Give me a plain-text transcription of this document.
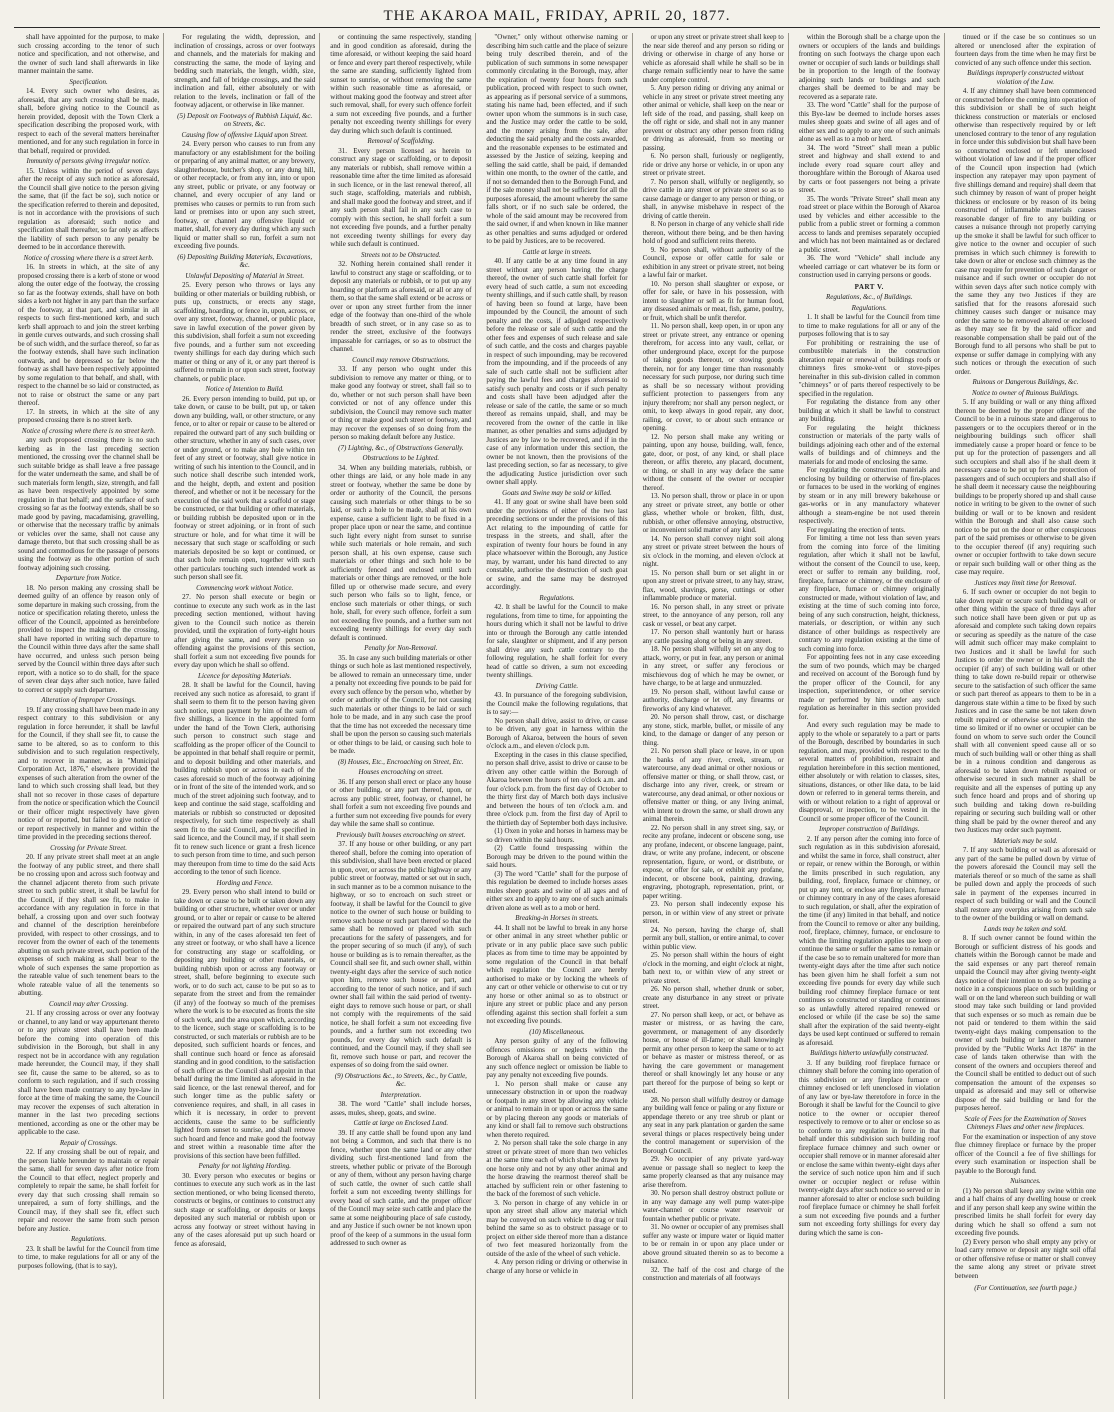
THE AKAROA MAIL, FRIDAY, APRIL 20, 1877.

shall have appointed for the purpose, to make such crossing according to the tenor of such notice and specification, and not otherwise, and the owner of such land shall afterwards in like manner maintain the same.

Specification.

14. Every such owner who desires, as aforesaid, that any such crossing shall be made, shall, before giving notice to the Council as herein provided, deposit with the Town Clerk a specification describing the proposed work, with respect to each of the several matters hereinafter mentioned, and for any such regulation in force in that behalf, required or provided.

Immunity of persons giving irregular notice.

15. Unless within the period of seven days after the receipt of any such notice as aforesaid, the Council shall give notice to the person giving the same, that (if the fact be so), such notice or the specification referred to therein and deposited, is not in accordance with the provisions of such regulation as aforesaid; such notice and specification shall thereafter, so far only as affects the liability of such person to any penalty be deemed to be in accordance therewith.

Notice of crossing where there is a street kerb.

16. In streets in which, at the site of any proposed crossing there is a kerb of stone or wood along the outer edge of the footway, the crossing so far as the footway extends, shall have on both sides a kerb not higher in any part than the surface of the footway, at that part, and similar in all respects to such first-mentioned kerb, and such kerb shall approach to and join the street kerbing in gentle curves outwards, and such crossing shall be of such width, and the surface thereof, so far as the footway extends, shall have such inclination outwards, and be depressed so far below the footway as shall have been respectively appointed by some regulation to that behalf, and shall, with respect to the channel be so laid or constructed, as not to raise or obstruct the same or any part thereof.

17. In streets, in which at the site of any proposed crossing there is no street kerb.

Notice of crossing where there is no street kerb.

any such proposed crossing there is no such kerbing as in the last preceding section mentioned, the crossing over the channel shall be such suitable bridge as shall leave a free passage for the water underneath the same, and shall be of such materials form length, size, strength, and fall as have been respectively appointed by some regulation in that behalf; and the surface of such crossing so far as the footway extends, shall be so made good by paving, macadamising, gravelling, or otherwise that the necessary traffic by animals or vehicles over the same, shall not cause any damage thereto, but that such crossing shall be as sound and commodious for the passage of persons using the footway as the other portion of such footway adjoining such crossing.

Departure from Notice.

18. No person making any crossing shall be deemed guilty of an offence by reason only of some departure in making such crossing, from the notice or specification relating thereto, unless the officer of the Council, appointed as hereinbefore provided to inspect the making of the crossing, shall have reported in writing such departure to the Council within three days after the same shall have occurred, and unless such person being served by the Council within three days after such report, with a notice so to do shall, for the space of seven clear days after such notice, have failed to correct or supply such departure.

Alteration of Improper Crossings.

19. If any crossing shall have been made in any respect contrary to this subdivision or any regulation in force hereunder, it shall be lawful for the Council, if they shall see fit, to cause the same to be altered, so as to conform to this subdivision and to such regulation respectively, and to recover in manner, as in "Municipal Corporation Act, 1876," elsewhere provided the expenses of such alteration from the owner of the land to which such crossing shall lead, but they shall not so recover in those cases of departure from the notice or specification which the Council or their officer might respectively have given notice of or reported, but failed to give notice of or report respectively in manner and within the time provided in the preceding sections thereof.

Crossing for Private Street.

20. If any private street shall meet at an angle the footway of any public street, and there shall be no crossing upon and across such footway and the channel adjacent thereto from such private street to such public street, it shall be lawful for the Council, if they shall see fit, to make in accordance with any regulation in force in that behalf, a crossing upon and over such footway and channel of the description hereinbefore provided, with respect to other crossings, and to recover from the owner of each of the tenements abutting on such private street, such portion of the expenses of such making as shall bear to the whole of such expenses the same proportion as the rateable value of such tenement bears to the whole rateable value of all the tenements so abutting.

Council may alter Crossing.

21. If any crossing across or over any footway or channel, to any land or way appurtenant thereto or to any private street shall have been made before the coming into operation of this subdivision in the Borough, but shall in any respect not be in accordance with any regulation made hereunder, the Council may, if they shall see fit, cause the same to be altered, so as to conform to such regulation, and if such crossing shall have been made contrary to any bye-law in force at the time of making the same, the Council may recover the expenses of such alteration in manner in the last two preceding sections mentioned, according as one or the other may be applicable to the case.

Repair of Crossings.

22. If any crossing shall be out of repair, and the person liable hereunder to maintain or repair the same, shall for seven days after notice from the Council to that effect, neglect properly and completely to repair the same, he shall forfeit for every day that such crossing shall remain so unrepaired, a sum of forty shillings, and the Council may, if they shall see fit, effect such repair and recover the same from such person before any Justice.

Regulations.

23. It shall be lawful for the Council from time to time, to make regulations for all or any of the purposes following, (that is to say),

For regulating the width, depression, and inclination of crossings, across or over footways and channels, and the materials for making and constructing the same, the mode of laying and bedding such materials, the length, width, size, strength, and fall of bridge crossings, and the said inclination and fall, either absolutely or with relation to the levels, inclination or fall of the footway adjacent, or otherwise in like manner.

(5) Deposit on Footways of Rubbish Liquid, &c. on Streets, &c.

Causing flow of offensive Liquid upon Street.

24. Every person who causes to run from any manufactory or any establishment for the boiling or preparing of any animal matter, or any brewery, slaughterhouse, butcher's shop, or any dung hill, or other receptacle, or from any inn, into or upon any street, public or private, or any footway or channel, and every occupier of any land or premises who causes or permits to run from such land or premises into or upon any such street, footway, or channel any offensive liquid or matter, shall, for every day during which any such liquid or matter shall so run, forfeit a sum not exceeding five pounds.

(6) Depositing Building Materials, Excavations, &c.

Unlawful Depositing of Material in Street.

25. Every person who throws or lays any building or other materials or building rubbish, or puts up, constructs, or erects any stage, scaffolding, hoarding, or fence in, upon, across, or over any street, footway, channel, or public place, save in lawful execution of the power given by this subdivision, shall forfeit a sum not exceeding five pounds, and a further sum not exceeding twenty shillings for each day during which such matter or thing or any of it, or any part thereof is suffered to remain in or upon such street, footway channels, or public place.

Notice of Intention to Build.

26. Every person intending to build, put up, or take down, or cause to be built, put up, or taken down any building, wall, or other structure, or any fence, or to alter or repair or cause to be altered or repaired the outward part of any such building or other structure, whether in any of such cases, over or under ground, or to make any hole within ten feet of any street or footway, shall give notice in writing of such his intention to the Council, and in such notice shall describe such intended work, and the height, depth, and extent and position thereof, and whether or not it be necessary for the execution of the said work that a scaffold or stage be constructed, or that building or other materials, or building rubbish be deposited upon or in the footway or street adjoining, or in front of such structure or hole, and for what time it will be necessary that such stage or scaffolding or such materials deposited be so kept or continued, or that such hole remain open, together with such other particulars touching such intended work as such person shall see fit.

Commencing work without Notice.

27. No person shall execute or begin or continue to execute any such work as in the last preceding section mentioned, without having given to the Council such notice as therein provided, until the expiration of forty-eight hours after giving the same, and every person so offending against the provisions of this section, shall forfeit a sum not exceeding five pounds for every day upon which he shall so offend.

Licence for depositing Materials.

28. It shall be lawful for the Council, having received any such notice as aforesaid, to grant if shall seem to them fit to the person having given such notice, upon payment by him of the sum of five shillings, a licence in the appointed form under the hand of the Town Clerk, authorising such person to construct such stage and scaffolding as the proper officer of the Council to be appointed in that behalf shall require or permit, and to deposit building and other materials, and building rubbish upon or across in each of the cases aforesaid so much of the footway adjoining or in front of the site of the intended work, and so much of the street adjoining such footway, and to keep and continue the said stage, scaffolding and materials or rubbish so constructed or deposited respectively, for such time respectively as shall seem fit to the said Council, and be specified in said licence, and the Council may, if it shall seem fit to renew such licence or grant a fresh licence to such person from time to time, and such person may thereupon from time to time do the said Acts according to the tenor of such licence.

Hording and Fence.

29. Every person who shall intend to build or take down or cause to be built or taken down any building or other structure, whether over or under ground, or to alter or repair or cause to be altered or repaired the outward part of any such structure within, in any of the cases aforesaid ten feet of any street or footway, or who shall have a licence for constructing any stage or scaffolding, or depositing any building or other materials, or building rubbish upon or across any footway or street, shall, before beginning to execute such work, or to do such act, cause to be put so as to separate from the street and from the remainder (if any) of the footway so much of the premises where the work is to be executed as fronts the site of such work, and the area upon which, according to the licence, such stage or scaffolding is to be constructed, or such materials or rubbish are to be deposited, such sufficient hoards or fences, and shall continue such hoard or fence as aforesaid standing and in good condition, to the satisfaction of such officer as the Council shall appoint in that behalf during the time limited as aforesaid in the said licence, or the last renewal thereof, and for such longer time as the public safety or convenience requires, and shall, in all cases in which it is necessary, in order to prevent accidents, cause the same to be sufficiently lighted from sunset to sunrise, and shall remove such hoard and fence and make good the footway and street within a reasonable time after the provisions of this section have been fulfilled.

Penalty for not lighting Hording.

30. Every person who executes or begins or continues to execute any such work as in the last section mentioned, or who being licensed thereto, constructs or begins, or continues to construct any such stage or scaffolding, or deposits or keeps deposited any such material or rubbish upon or across any footway or street without having in any of the cases aforesaid put up such hoard or fence as aforesaid,

or continuing the same respectively, standing and in good condition as aforesaid, during the time aforesaid, or without keeping the said hoard or fence and every part thereof respectively, while the same are standing, sufficiently lighted from sunset to sunrise, or without removing the same within such reasonable time as aforesaid, or without making good the footway and street after such removal, shall, for every such offence forfeit a sum not exceeding five pounds, and a further penalty not exceeding twenty shillings for every day during which such default is continued.

Removal of Scaffolding.

31. Every person licensed as herein to construct any stage or scaffolding, or to deposit any materials or rubbish, shall remove within a reasonable time after the time limited as aforesaid in such licence, or in the last renewal thereof, all such stage, scaffolding, materials and rubbish, and shall make good the footway and street, and if any such person shall fail in any such case to comply with this section, he shall forfeit a sum not exceeding five pounds, and a further penalty not exceeding twenty shillings for every day while such default is continued.

Streets not to be Obstructed.

32. Nothing herein contained shall render it lawful to construct any stage or scaffolding, or to deposit any materials or rubbish, or to put up any hoarding or platform as aforesaid, or all or any of them, so that the same shall extend or be across or over or upon any street further from the inner edge of the footway than one-third of the whole breadth of such street, or in any case so as to render the street, exclusive of the footways impassable for carriages, or so as to obstruct the channel.

Council may remove Obstructions.

33. If any person who ought under this subdivision to remove any matter or thing, or to make good any footway or street, shall fail so to do, whether or not such person shall have been convicted or not of any offence under this subdivision, the Council may remove such matter or thing or make good such street or footway, and may recover the expenses of so doing from the person so making default before any Justice.

(7) Lighting, &c., of Obstructions Generally.

Obstructions to be Lighted.

34. When any building materials, rubbish, or other things are laid, or any hole made in any street or footway, whether the same be done by order or authority of the Council, the persons causing such materials or other things to be so laid, or such a hole to be made, shall at his own expense, cause a sufficient light to be fixed in a proper place upon or near the same, and continue such light every night from sunset to sunrise while such materials or hole remain, and such person shall, at his own expense, cause such materials or other things and such hole to be sufficiently fenced and enclosed until such materials or other things are removed, or the hole filled up or otherwise made secure, and every such person who fails so to light, fence, or enclose such materials or other things, or such hole, shall, for every such offence, forfeit a sum not exceeding five pounds, and a further sum not exceeding twenty shillings for every day such default is continued.

Penalty for Non-Removal.

35. In case any such building materials or other things or such hole as last mentioned respectively, be allowed to remain an unnecessary time, under a penalty not exceeding five pounds to be paid for every such offence by the person who, whether by order or authority of the Council, for not causing such materials or other things to be laid or such hole to be made, and in any such case the proof that the time has not exceeded the necessary time shall be upon the person so causing such materials or other things to be laid, or causing such hole to be made.

(8) Houses, Etc., Encroaching on Street, Etc.

Houses encroaching on street.

36. If any person shall erect or place any house or other building, or any part thereof, upon, or across any public street, footway, or channel, he shall forfeit a sum not exceeding five pounds and a further sum not exceeding five pounds for every day while the same shall so continue.

Previously built houses encroaching on street.

37. If any house or other building, or any part thereof shall, before the coming into operation of this subdivision, shall have been erected or placed in upon, over, or across the public highway or any public street or footway, matted or set out in such, in such manner as to be a common nuisance to the highway, or so to encroach on such street or footway, it shall be lawful for the Council to give notice to the owner of such house or building to remove such house or such part thereof so that the same shall be removed or placed with such precautions for the safety of passengers, and for the proper securing of so much (if any), of such house or building as is to remain thereafter, as the Council shall see fit, and such owner shall, within twenty-eight days after the service of such notice upon him, remove such house or part, and according to the tenor of such notice, and if such owner shall fail within the said period of twenty-eight days to remove such house or part, or shall not comply with the requirements of the said notice, he shall forfeit a sum not exceeding five pounds, and a further sum not exceeding two pounds, for every day which such default is continued, and the Council may, if they shall see fit, remove such house or part, and recover the expenses of so doing from the said owner.

(9) Obstructions &c., to Streets, &c., by Cattle, &c.

Interpretation.

38. The word "Cattle" shall include horses, asses, mules, sheep, goats, and swine.

Cattle at large on Enclosed Land.

39. If any cattle shall be found upon any land not being a Common, and such that there is no fence, whether upon the same land or any other dividing such first-mentioned land from the streets, whether public or private of the Borough or any of them, without any person having charge of such cattle, the owner of such cattle shall forfeit a sum not exceeding twenty shillings for every head of such cattle, and the proper officer of the Council may seize such cattle and place the same at some neighbouring place of safe custody, and any Justice if such owner be not known upon proof of the keep of a summons in the usual form addressed to such owner as

"Owner," only without otherwise naming or describing him such cattle and the place of seizure being truly described therein, and of the publication of such summons in some newspaper commonly circulating in the Borough, may, after the expiration of twenty four hours from such publication, proceed with respect to such owner, as appearing as if personal service of a summons, stating his name had, been effected, and if such owner upon whom the summons is in such case, and the Justice may order the cattle to be sold, and the money arising from the sale, after deducting the said penalty and the costs awarded, and the reasonable expenses to be estimated and assessed by the Justice of seizing, keeping and selling the said cattle, shall be paid, if demanded within one month, to the owner of the cattle, and if not so demanded then to the Borough Fund, and if the sale money shall not be sufficient for all the purposes aforesaid, the amount whereby the same falls short, or if no such sale be ordered, the whole of the said amount may be recovered from the said owner, if and when known in like manner as other penalties and sums adjudged or ordered to be paid by Justices, are to be recovered.

Cattle at large in streets.

40. If any cattle be at any time found in any street without any person having the charge thereof, the owner of such cattle shall forfeit for every head of such cattle, a sum not exceeding twenty shillings, and if such cattle shall, by reason of having been so found at large, have been impounded by the Council, the amount of such penalty and the costs, if adjudged respectively before the release or sale of such cattle and the other fees and expenses of such release and sale of such cattle, and the costs and charges payable in respect of such impounding, may be recovered from the impounding, and if the proceeds of any sale of such cattle shall not be sufficient after paying the lawful fees and charges aforesaid to satisfy such penalty and costs or if such penalty and costs shall have been adjudged after the release or sale of the cattle, the same or so much thereof as remains unpaid, shall, and may be recovered from the owner of the cattle in like manner, as other penalties and sums adjudged by Justices are by law to be recovered, and if in the case of any information under this section, the owner be not known, then the provisions of the last preceding section, so far as necessary, to give the adjudicating Justice jurisdiction over such owner shall apply.

Goats and Swine may be sold or killed.

41. If any goat or swine shall have been sold under the provisions of either of the two last preceding sections or under the provisions of this Act relating to the impounding of cattle for trespass in the streets, and shall, after the expiration of twenty four hours be found in any place whatsoever within the Borough, any Justice may, by warrant, under his hand directed to any constable, authorise the destruction of such goat or swine, and the same may be destroyed accordingly.

Regulations.

42. It shall be lawful for the Council to make regulations, from time to time, for appointing the hours during which it shall not be lawful to drive into or through the Borough any cattle intended for sale, slaughter or shipment, and if any person shall drive any such cattle contrary to the following regulation, he shall forfeit for every head of cattle so driven, a sum not exceeding twenty shillings.

Driving Cattle.

43. In pursuance of the foregoing subdivision, the Council make the following regulations, that is to say:—

No person shall drive, assist to drive, or cause to be driven, any goat in harness within the Borough of Akaroa, between the hours of seven o'clock a.m., and eleven o'clock p.m.

Excepting in the cases in this clause specified, no person shall drive, assist to drive or cause to be driven any other cattle within the Borough of Akaroa between the hours of ten o'clock a.m. and four o'clock p.m. from the first day of October to the thirty first day of March both days inclusive and between the hours of ten o'clock a.m. and three o'clock p.m. from the first day of April to the thirtieth day of September both days inclusive.

(1) Oxen in yoke and horses in harness may be so driven within the said hours.

(2) Cattle found trespassing within the Borough may be driven to the pound within the said hours.

(3) The word "Cattle" shall for the purpose of this regulation be deemed to include horses asses mules sheep goats and swine of all ages and of either sex and to apply to any one of such animals driven alone as well as to a mob or herd.

Breaking-in Horses in streets.

44. It shall not be lawful to break in any horse or other animal in any street whether public or private or in any public place save such public places as from time to time may be appointed by some regulation of the Council in that behalf which regulation the Council are hereby authorised to make or by locking the wheels of any cart or other vehicle or otherwise to cut or try any horse or other animal so as to obstruct or injure any street or public place and any person offending against this section shall forfeit a sum not exceeding five pounds.

(10) Miscellaneous.

Any person guilty of any of the following offences omissions or neglects within the Borough of Akaroa shall on being convicted of any such offence neglect or omission be liable to pay any penalty not exceeding five pounds.

1. No person shall make or cause any unnecessary obstruction in or upon the roadway or footpath in any street by allowing any vehicle or animal to remain in or upon or across the same or by placing thereon any goods or materials of any kind or shall fail to remove such obstructions when thereto required.

2. No person shall take the sole charge in any street or private street of more than two vehicles at the same time each of which shall be drawn by one horse only and not by any other animal and the horse drawing the rearmost thereof shall be attached by sufficient rein or other fastening to the back of the foremost of such vehicle.

3. No person in charge of any vehicle in or upon any street shall allow any material which may be conveyed on such vehicle to drag or trail behind the same so as to obstruct passage or to project on either side thereof more than a distance of two feet measured horizontally from the outside of the axle of the wheel of such vehicle.

4. Any person riding or driving or otherwise in charge of any horse or vehicle in

or upon any street or private street shall keep to the near side thereof and any person so riding or driving or otherwise in charge of any horse or vehicle as aforesaid shall while he shall so be in charge remain sufficiently near to have the same under complete control.

5. Any person riding or driving any animal or vehicle in any street or private street meeting any other animal or vehicle, shall keep on the near or left side of the road, and passing, shall keep on the off right or side, and shall not in any manner prevent or obstruct any other person from riding or driving as aforesaid, from so meeting or passing.

6. No person shall, furiously or negligently, ride or drive any horse or vehicle, in or upon any street or private street.

7. No person shall, wilfully or negligently, so drive cattle in any street or private street so as to cause damage or danger to any person or thing, or shall, in anywise misbehave in respect of the driving of cattle therein.

8. No person in charge of any vehicle shall ride thereon, without there being, and be then having hold of good and sufficient reins thereto.

9. No person shall, without authority of the Council, expose or offer cattle for sale or exhibition in any street or private street, not being a lawful fair or market.

10. No person shall slaughter or expose, or offer for sale, or have in his possession, with intent to slaughter or sell as fit for human food, any diseased animals or meat, fish, game, poultry, or fruit, which shall be unfit therefor.

11. No person shall, keep open, in or upon any street or private street, any entrance or opening therefrom, for access into any vault, cellar, or other underground place, except for the purpose of taking goods thereout, or stowing goods therein, nor for any longer time than reasonably necessary for such purpose, nor during such time as shall be so necessary without providing sufficient protection to passengers from any injury therefrom; nor shall any person neglect, or omit, to keep always in good repair, any door, railing, or cover, to or about such entrance or opening.

12. No person shall make any writing or painting, upon any house, building, wall, fence, gate, door, or post, of any kind, or shall place thereon, or affix thereto, any placard, document, or thing, or shall in any way deface the same without the consent of the owner or occupier thereof.

13. No person shall, throw or place in or upon any street or private street, any bottle or other glass, whether whole or broken, filth, dust, rubbish, or other offensive annoying, obstructive, or inconvenient solid matter of any kind.

14. No person shall convey night soil along any street or private street between the hours of six o'clock in the morning, and eleven o'clock at night.

15. No person shall burn or set alight in or upon any street or private street, to any hay, straw, flax, wood, shavings, gorse, cuttings or other inflammable produce or material.

16. No person shall, in any street or private street, to the annoyance of any person, roll any cask or vessel, or beat any carpet.

17. No person shall wantonly hurt or harass any cattle passing along or being in any street.

18. No person shall wilfully set on any dog to attack, worry, or put in fear, any person or animal in any street, or suffer any ferocious or mischievous dog of which he may be owner, or have charge, to be at large and unmuzzled.

19. No person shall, without lawful cause or authority, discharge or let off, any firearms or fireworks of any kind whatever.

20. No person shall throw, cast, or discharge any stone, stick, marble, bullet, or missile of any kind, to the damage or danger of any person or thing.

21. No person shall place or leave, in or upon the banks of any river, creek, stream, or watercourse, any dead animal or other noxious or offensive matter or thing, or shall throw, cast, or discharge into any river, creek, or stream or watercourse, any dead animal, or other noxious or offensive matter or thing, or any living animal, with intent to drown the same, or shall drown any animal therein.

22. No person shall in any street sing, say, or recite any profane, indecent or obscene song, use any profane, indecent, or obscene language, paint, draw, or write any profane, indecent, or obscene representation, figure, or word, or distribute, or expose, or offer for sale, or exhibit any profane, indecent, or obscene book, painting, drawing, engraving, photograph, representation, print, or paper writing.

23. No person shall indecently expose his person, in or within view of any street or private street.

24. No person, having the charge of, shall permit any bull, stallion, or entire animal, to cover within public view.

25. No person shall within the hours of eight o'clock in the morning, and eight o'clock at night, bath next to, or within view of any street or private street.

26. No person shall, whether drunk or sober, create any disturbance in any street or private street.

27. No person shall keep, or act, or behave as master or mistress, or as having the care, government, or management of any disorderly house, or house of ill-fame; or shall knowingly permit any other person to keep the same or to act or behave as master or mistress thereof, or as having the care government or management thereof or shall knowingly let any house or any part thereof for the purpose of being so kept or used.

28. No person shall wilfully destroy or damage any building wall fence or paling or any fixture or appendage thereto or any tree shrub or plant or any seat in any park plantation or garden the same several things or places respectively being under the control management or supervision of the Borough Council.

29. No occupier of any private yard-way avenue or passage shall so neglect to keep the same properly cleansed as that any nuisance may arise therefrom.

30. No person shall destroy obstruct pollute or in any way damage any well pump water-pipe water-channel or course water reservoir or fountain whether public or private.

31. No owner or occupier of any premises shall suffer any waste or impure water or liquid matter to be or remain in or upon any place under or above ground situated therein so as to become a nuisance.

32. The half of the cost and charge of the construction and materials of all footways

within the Borough shall be a charge upon the owners or occupiers of the lands and buildings fronting on such footways the charge upon each owner or occupier of such lands or buildings shall be in proportion to the length of the footway adjoining such lands or buildings and such charges shall be deemed to be and may be recovered as a separate rate.

33. The word "Cattle" shall for the purpose of this Bye-law be deemed to include horses asses mules sheep goats and swine of all ages and of either sex and to apply to any one of such animals alone as well as to a mob or herd.

34. The word "Street" shall mean a public street and highway and shall extend to and include every road square court alley and thoroughfare within the Borough of Akaroa used by carts or foot passengers not being a private street.

35. The words "Private Street" shall mean any road street or place within the Borough of Akaroa used by vehicles and either accessible to the public from a public street or forming a common access to lands and premises separately occupied and which has not been maintained as or declared a public street.

36. The word "Vehicle" shall include any wheeled carriage or cart whatever be its form or construction used in carrying persons or goods.

PART V.

Regulations, &c., of Buildings.

Regulations.

1. It shall be lawful for the Council from time to time to make regulations for all or any of the purposes following that is to say

For prohibiting or restraining the use of combustible materials in the construction alteration repair or renewal of buildings roofs or chimneys fires smoke-vent or stove-pipes hereinafter in this sub-division called in common "chimneys" or of parts thereof respectively to be specified in the regulation.

For regulating the distance from any other building at which it shall be lawful to construct any building.

For regulating the height thickness construction or materials of the party walls of buildings adjoining each other and of the external walls of buildings and of chimneys and the materials for and mode of enclosing the same.

For regulating the construction materials and enclosing by building or otherwise of fire-places or furnaces to be used in the working of engines by steam or in any mill brewery bakehouse or gas-works or in any manufactory whatever although a steam-engine be not used therein respectively.

For regulating the erection of tents.

For limiting a time not less than seven years from the coming into force of the limiting regulation, after which it shall not be lawful, without the consent of the Council to use, keep, erect or suffer to remain any building, roof, fireplace, furnace or chimney, or the enclosure of any fireplace, furnace or chimney originally constructed or made, without violation of law, and existing at the time of such coming into force, being of any such construction, height, thickness, materials, or description, or within any such distance of other buildings as respectively are contrary to any regulation existing at the time of such coming into force.

For appointing fees not in any case exceeding the sum of two pounds, which may be charged and received on account of the Borough fund by the proper officer of the Council, for any inspection, superintendence, or other service made or performed by him under any such regulation as hereinafter in this section provided for.

And every such regulation may be made to apply to the whole or separately to a part or parts of the Borough, described by boundaries in such regulation, and may, provided with respect to the several matters of prohibition, restraint and regulation hereinbefore in this section mentioned, either absolutely or with relation to classes, sites, situations, distances, or other like data, to be laid down or referred to in general terms therein, and with or without relation to a right of approval or disapproval, or inspection, to be vested in the Council or some proper officer of the Council.

Improper construction of Buildings.

2. If any person after the coming into force of such regulation as in this subdivision aforesaid, and whilst the same in force, shall construct, alter or repair, or renew within the Borough, or within the limits prescribed in such regulation, any building, roof, fireplace, furnace or chimney, or put up any tent, or enclose any fireplace, furnace or chimney contrary in any of the cases aforesaid to such regulation, or shall, after the expiration of the time (if any) limited in that behalf, and notice from the Council to remove or alter any building, roof, fireplace, chimney, furnace, or enclosure to which the limiting regulation applies use keep or continue the same or suffer the same to remain or if the case be so to remain unaltered for more than twenty-eight days after the time after such notice has been given him he shall forfeit a sum not exceeding five pounds for every day while such building roof chimney fireplace furnace or tent continues so constructed or standing or continues so as unlawfully altered repaired renewed or enclosed or while (if the case be so) the same shall after the expiration of the said twenty-eight days be used kept continued or suffered to remain as aforesaid.

Buildings hitherto unlawfully constructed.

3. If any building roof fireplace furnace or chimney shall before the coming into operation of this subdivision or any fireplace furnace or chimney enclosed or left unenclosed in violation of any law or bye-law theretofore in force in the Borough it shall be lawful for the Council to give notice to the owner or occupier thereof respectively to remove or to alter or enclose so as to conform to any regulation in force in that behalf under this subdivision such building roof fireplace furnace chimney and such owner or occupier shall remove or in manner aforesaid alter or enclose the same within twenty-eight days after the service of such notice upon him and if such owner or occupier neglect or refuse within twenty-eight days after such notice so served or in manner aforesaid to alter or enclose such building roof fireplace furnace or chimney he shall forfeit a sum not exceeding five pounds and a further sum not exceeding forty shillings for every day during which the same is con-

tinued or if the case be so continues so un altered or unenclosed after the expiration of fourteen days from the time when he may first be convicted of any such offence under this section.

Buildings improperly constructed without violation of the Law.

4. If any chimney shall have been commenced or constructed before the coming into operation of this subdivision or shall be of such height thickness construction or materials or enclosed otherwise than respectively required by or left unenclosed contrary to the tenor of any regulation in force under this subdivision but shall have been so constructed enclosed or left unenclosed without violation of law and if the proper officer of the Council upon inspection had (which inspection any ratepayer may upon payment of five shillings demand and require) shall deem that such chimney by reason of want of proper height thickness or enclosure or by reason of its being constructed of inflammable materials causes reasonable danger of fire to any building or causes a nuisance through not properly carrying up the smoke it shall be lawful for such officer to give notice to the owner and occupier of such premises in which such chimney is forewith to take down or alter or enclose such chimney as the case may require for prevention of such danger or nuisance and if such owner or occupier do not within seven days after such notice comply with the same they any two Justices if they are satisfied that for the reasons aforesaid such chimney causes such danger or nuisance may order the same to be removed altered or enclosed as they may see fit by the said officer and reasonable compensation shall be paid out of the Borough fund to all persons who shall be put to expense or suffer damage in complying with any such notices or through the execution of such order.

Ruinous or Dangerous Buildings, &c.

Notice to owner of Ruinous Buildings.

5. If any building or wall or any thing affixed thereon be deemed by the proper officer of the Council to be in a ruinous state and dangerous to passengers or to the occupiers thereof or in the neighbouring buildings such officer shall immediately cause a proper hoard or fence to be put up for the protection of passengers and all such occupiers and shall also if he shall deem it necessary cause to be put up for the protection of passengers and of such occupiers and shall also if he shall deem it necessary cause the neighbouring buildings to be properly shored up and shall cause notice in writing to be given to the owner of such building or wall or to be known and resident within the Borough and shall also cause such notice to be put on the door or other conspicuous part of the said premises or otherwise to be given to the occupier thereof (if any) requiring such owner or occupier forthwith to take down secure or repair such building wall or other thing as the case may require.

Justices may limit time for Removal.

6. If such owner or occupier do not begin to take down repair or secure such building wall or other thing within the space of three days after such notice shall have been given or put up as aforesaid and complete such taking down repairs or securing as speedily as the nature of the case will admit such officer may make complaint to two Justices and it shall be lawful for such Justices to order the owner or in his default the occupier (if any) of such building wall or other thing to take down re-build repair or otherwise secure to the satisfaction of such officer the same or such part thereof as appears to them to be in a dangerous state within a time to be fixed by such Justices and in case the same be not taken down rebuilt repaired or otherwise secured within the time so limited or if no owner or occupier can be found on whom to serve such order the Council shall with all convenient speed cause all or so much of such building wall or other thing as shall be in a ruinous condition and dangerous as aforesaid to be taken down rebuilt repaired or otherwise secured in such manner as shall be requisite and all the expenses of putting up any such fence hoard and props and of shoring up such building and taking down re-building repairing or securing such building wall or other thing shall be paid by the owner thereof and any two Justices may order such payment.

Materials may be sold.

7. If any such building or wall as aforesaid or any part of the same be pulled down by virtue of the powers aforesaid the Council may sell the materials thereof or so much of the same as shall be pulled down and apply the proceeds of such sale in payment of the expenses incurred in respect of such building or wall and the Council shall restore any overplus arising from such sale to the owner of the building or wall on demand.

Lands may be taken and sold.

8. If such owner cannot be found within the Borough or sufficient distress of his goods and chattels within the Borough cannot be made and the said expenses or any part thereof remain unpaid the Council may after giving twenty-eight days notice of their intention to do so by posting a notice in a conspicuous place on such building or wall or on the land whereon such building or wall stood may take such building or land provided that such expenses or so much as remain due be not paid or tendered to them within the said twenty-eight days making compensation to the owner of such building or land in the manner provided by the "Public Works Act 1876" in the case of lands taken otherwise than with the consent of the owners and occupiers thereof and the Council shall be entitled to deduct out of such compensation the amount of the expenses so unpaid as aforesaid and may sell or otherwise dispose of the said building or land for the purposes hereof.

Scale of Fees for the Examination of Stoves Chimneys Flues and other new fireplaces.

For the examination or inspection of any stove flue chimney fireplace or furnace by the proper officer of the Council a fee of five shillings for every such examination or inspection shall be payable to the Borough fund.

Nuisances.

(1) No person shall keep any swine within one and a half chains of any dwelling house or creek and if any person shall keep any swine within the prescribed limits he shall forfeit for every day during which he shall so offend a sum not exceeding five pounds.

(2) Every person who shall empty any privy or load carry remove or deposit any night soil offal or other offensive refuse or matter or shall convey the same along any street or private street between

(For Continuation, see fourth page.)
